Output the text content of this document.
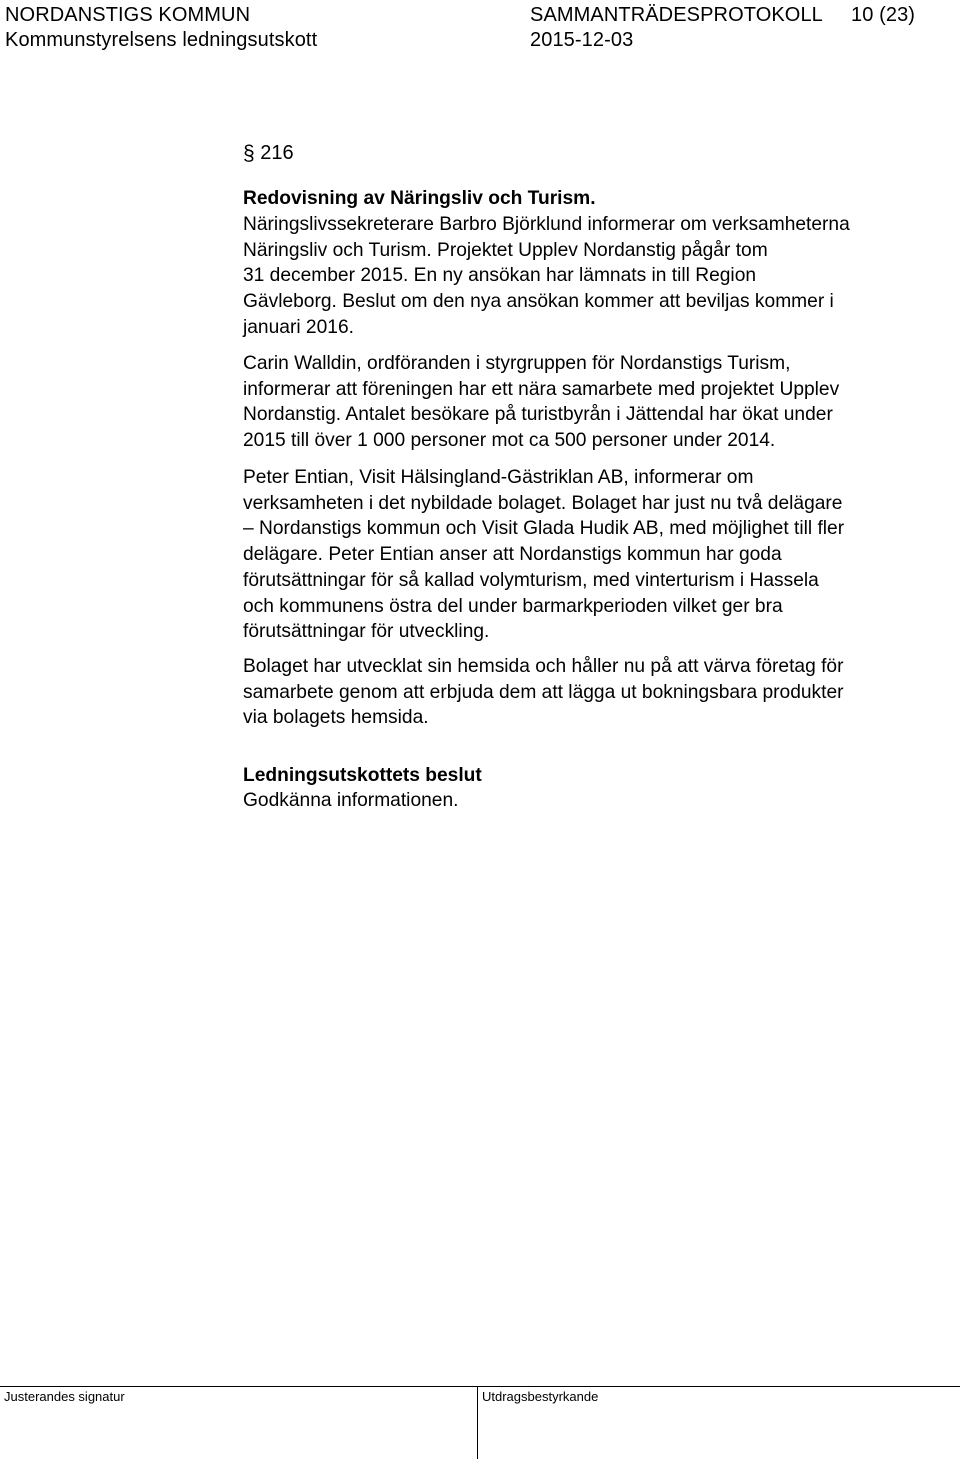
NORDANSTIGS KOMMUN	SAMMANTRÄDESPROTOKOLL 10 (23)
Kommunstyrelsens ledningsutskott	2015-12-03
§ 216
Redovisning av Näringsliv och Turism.
Näringslivssekreterare Barbro Björklund informerar om verksamheterna
Näringsliv och Turism. Projektet Upplev Nordanstig pågår tom
31 december 2015. En ny ansökan har lämnats in till Region
Gävleborg. Beslut om den nya ansökan kommer att beviljas kommer i
januari 2016.
Carin Walldin, ordföranden i styrgruppen för Nordanstigs Turism,
informerar att föreningen har ett nära samarbete med projektet Upplev
Nordanstig. Antalet besökare på turistbyrån i Jättendal har ökat under
2015 till över 1 000 personer mot ca 500 personer under 2014.
Peter Entian, Visit Hälsingland-Gästriklan AB, informerar om
verksamheten i det nybildade bolaget. Bolaget har just nu två delägare
– Nordanstigs kommun och Visit Glada Hudik AB, med möjlighet till fler
delägare. Peter Entian anser att Nordanstigs kommun har goda
förutsättningar för så kallad volymturism, med vinterturism i Hassela
och kommunens östra del under barmarkperioden vilket ger bra
förutsättningar för utveckling.
Bolaget har utvecklat sin hemsida och håller nu på att värva företag för
samarbete genom att erbjuda dem att lägga ut bokningsbara produkter
via bolagets hemsida.
Ledningsutskottets beslut
Godkänna informationen.
Justerandes signatur	Utdragsbestyrkande
